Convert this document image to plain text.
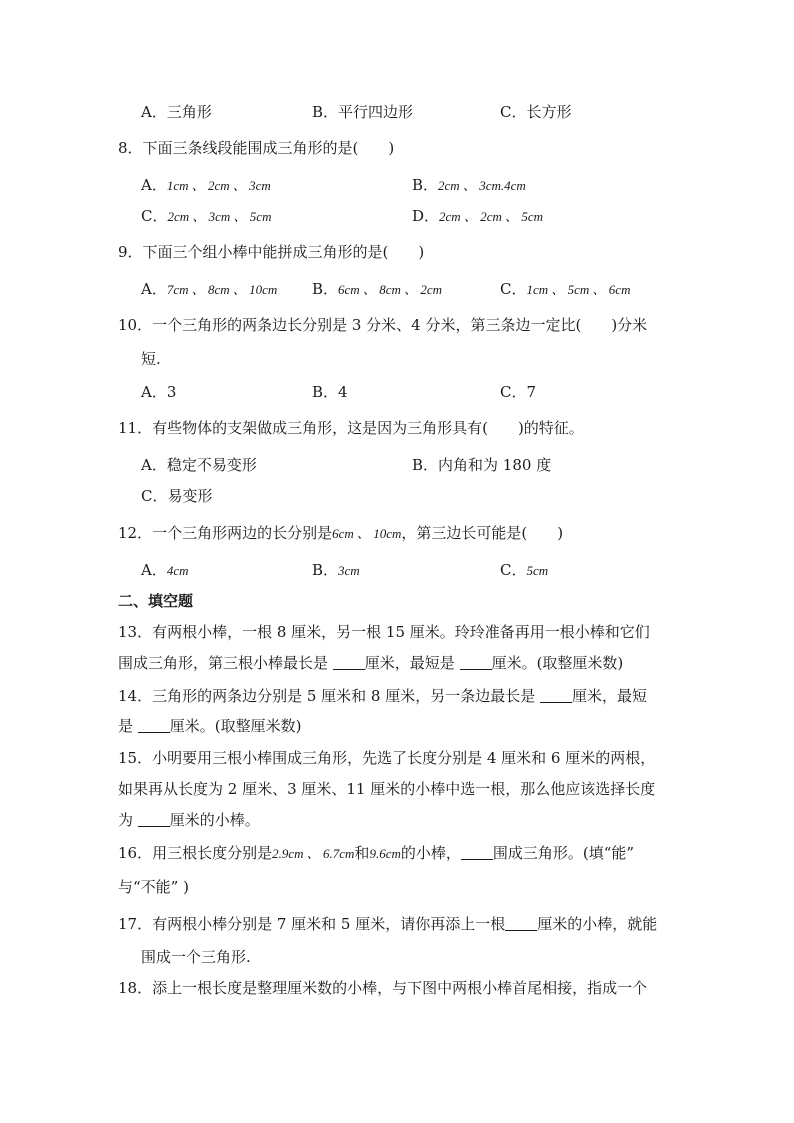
A．三角形	B．平行四边形	C．长方形
8．下面三条线段能围成三角形的是(　　)
A．1cm 、 2cm 、 3cm	B．2cm 、 3cm.4cm
C．2cm 、 3cm 、 5cm	D．2cm 、 2cm 、 5cm
9．下面三个组小棒中能拼成三角形的是(　　)
A．7cm 、 8cm 、 10cm B．6cm 、 8cm 、 2cm	C．1cm 、 5cm 、 6cm
10．一个三角形的两条边长分别是 3 分米、4 分米，第三条边一定比(　　)分米
短.
A．3	B．4	C．7
11．有些物体的支架做成三角形，这是因为三角形具有(　　)的特征。
A．稳定不易变形	B．内角和为 180 度
C．易变形
12．一个三角形两边的长分别是6cm 、 10cm，第三边长可能是(　　)
A．4cm	B．3cm	C．5cm
二、填空题
13．有两根小棒，一根 8 厘米，另一根 15 厘米。玲玲准备再用一根小棒和它们
围成三角形，第三根小棒最长是 厘米，最短是 厘米。(取整厘米数)
14．三角形的两条边分别是 5 厘米和 8 厘米，另一条边最长是 厘米，最短
是 厘米。(取整厘米数)
15．小明要用三根小棒围成三角形，先选了长度分别是 4 厘米和 6 厘米的两根，
如果再从长度为 2 厘米、3 厘米、11 厘米的小棒中选一根，那么他应该选择长度
为 厘米的小棒。
16．用三根长度分别是2.9cm 、 6.7cm和9.6cm的小棒， 围成三角形。(填“能”
与“不能” )
17．有两根小棒分别是 7 厘米和 5 厘米，请你再添上一根 厘米的小棒，就能
围成一个三角形.
18．添上一根长度是整理厘米数的小棒，与下图中两根小棒首尾相接，指成一个
